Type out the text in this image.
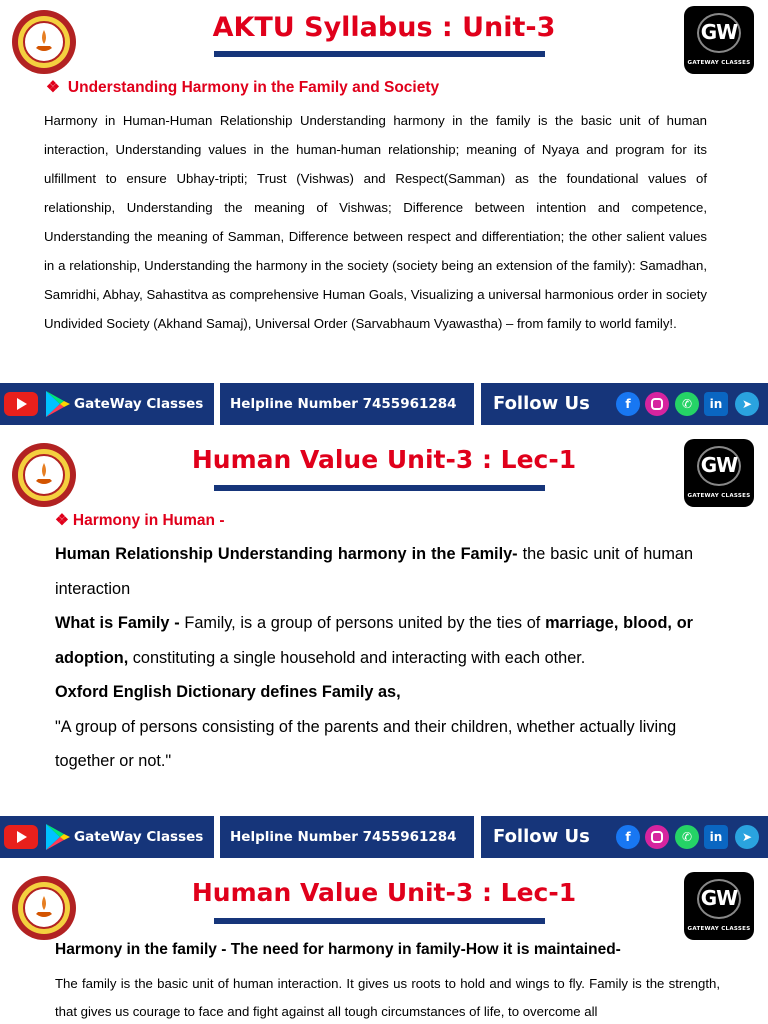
AKTU Syllabus : Unit-3	GW
GATEWAY CLASSES
❖ Understanding Harmony in the Family and Society
Harmony in Human-Human Relationship Understanding harmony in the family is the basic unit of human interaction, Understanding values in the human-human relationship; meaning of Nyaya and program for its ulfillment to ensure Ubhay-tripti; Trust (Vishwas) and Respect(Samman) as the foundational values of relationship, Understanding the meaning of Vishwas; Difference between intention and competence, Understanding the meaning of Samman, Difference between respect and differentiation; the other salient values in a relationship, Understanding the harmony in the society (society being an extension of the family): Samadhan, Samridhi, Abhay, Sahastitva as comprehensive Human Goals, Visualizing a universal harmonious order in society Undivided Society (Akhand Samaj), Universal Order (Sarvabhaum Vyawastha) – from family to world family!.
GateWay Classes Helpline Number 7455961284 Follow Us	f	✆	in	➤
Human Value Unit-3 : Lec-1	GW
GATEWAY CLASSES
❖ Harmony in Human -

Human Relationship Understanding harmony in the Family- the basic unit of human interaction

What is Family - Family, is a group of persons united by the ties of marriage, blood, or adoption, constituting a single household and interacting with each other.

Oxford English Dictionary defines Family as,

"A group of persons consisting of the parents and their children, whether actually living together or not."

GateWay Classes Helpline Number 7455961284 Follow Us	f	✆	in	➤
Human Value Unit-3 : Lec-1	GW
GATEWAY CLASSES
Harmony in the family - The need for harmony in family-How it is maintained-
The family is the basic unit of human interaction. It gives us roots to hold and wings to fly. Family is the strength, that gives us courage to face and fight against all tough circumstances of life, to overcome all
